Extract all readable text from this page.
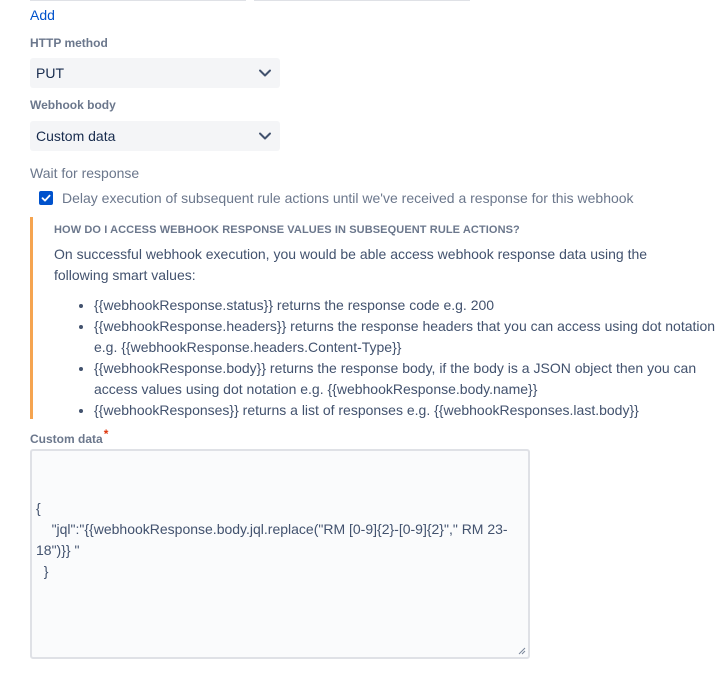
Add
HTTP method
PUT
Webhook body
Custom data
Wait for response
Delay execution of subsequent rule actions until we've received a response for this webhook
HOW DO I ACCESS WEBHOOK RESPONSE VALUES IN SUBSEQUENT RULE ACTIONS?
On successful webhook execution, you would be able access webhook response data using the following smart values:
• {{webhookResponse.status}} returns the response code e.g. 200
• {{webhookResponse.headers}} returns the response headers that you can access using dot notation e.g. {{webhookResponse.headers.Content-Type}}
• {{webhookResponse.body}} returns the response body, if the body is a JSON object then you can access values using dot notation e.g. {{webhookResponse.body.name}}
• {{webhookResponses}} returns a list of responses e.g. {{webhookResponses.last.body}}
Custom data*

{
"jql":"{{webhookResponse.body.jql.replace("RM [0-9]{2}-[0-9]{2}"," RM 23-
18")}} "
}
